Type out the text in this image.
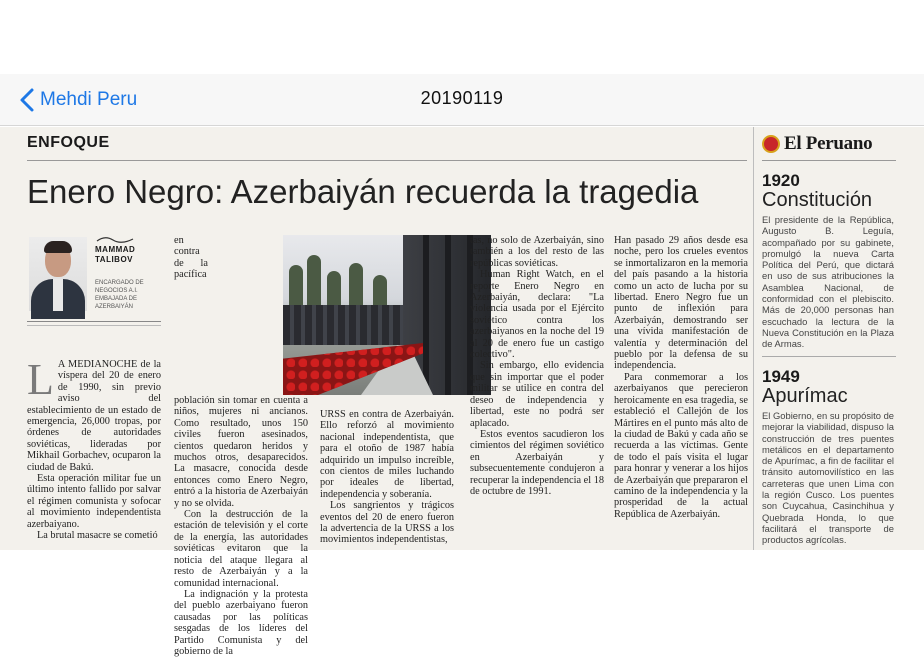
Mehdi Peru	20190119
ENFOQUE
Enero Negro: Azerbaiyán recuerda la tragedia
MAMMAD TALIBOV
ENCARGADO DE NEGOCIOS A.I. EMBAJADA DE AZERBAIYÁN

L A MEDIANOCHE de la víspera del 20 de enero de 1990, sin previo aviso del establecimiento de un estado de emergencia, 26,000 tropas, por órdenes de autoridades soviéticas, lideradas por Mikhail Gorbachev, ocuparon la ciudad de Bakú.

Esta operación militar fue un último intento fallido por salvar el régimen comunista y sofocar al movimiento independentista azerbaiyano.

La brutal masacre se cometió

en contra de la pacífica población sin tomar en cuenta a niños, mujeres ni ancianos. Como resultado, unos 150 civiles fueron asesinados, cientos quedaron heridos y muchos otros, desaparecidos. La masacre, conocida desde entonces como Enero Negro, entró a la historia de Azerbaiyán y no se olvida.

Con la destrucción de la estación de televisión y el corte de la energía, las autoridades soviéticas evitaron que la noticia del ataque llegara al resto de Azerbaiyán y a la comunidad internacional.

La indignación y la protesta del pueblo azerbaiyano fueron causadas por las políticas sesgadas de los líderes del Partido Comunista y del gobierno de la

URSS en contra de Azerbaiyán. Ello reforzó al movimiento nacional independentista, que para el otoño de 1987 había adquirido un impulso increíble, con cientos de miles luchando por ideales de libertad, independencia y soberanía.

Los sangrientos y trágicos eventos del 20 de enero fueron la advertencia de la URSS a los movimientos independentistas,

tas, no solo de Azerbaiyán, sino también a los del resto de las repúblicas soviéticas.

Human Right Watch, en el reporte Enero Negro en Azerbaiyán, declara: "La violencia usada por el Ejército soviético contra los azerbaiyanos en la noche del 19 al 20 de enero fue un castigo colectivo".

Sin embargo, ello evidencia que sin importar que el poder militar se utilice en contra del deseo de independencia y libertad, este no podrá ser aplacado.

Estos eventos sacudieron los cimientos del régimen soviético en Azerbaiyán y subsecuentemente condujeron a recuperar la independencia el 18 de octubre de 1991.

Han pasado 29 años desde esa noche, pero los crueles eventos se inmortalizaron en la memoria del país pasando a la historia como un acto de lucha por su libertad. Enero Negro fue un punto de inflexión para Azerbaiyán, demostrando ser una vívida manifestación de valentía y determinación del pueblo por la defensa de su independencia.

Para conmemorar a los azerbaiyanos que perecieron heroicamente en esa tragedia, se estableció el Callejón de los Mártires en el punto más alto de la ciudad de Bakú y cada año se recuerda a las víctimas. Gente de todo el país visita el lugar para honrar y venerar a los hijos de Azerbaiyán que prepararon el camino de la independencia y la prosperidad de la actual República de Azerbaiyán.

El Peruano
1920
Constitución
El presidente de la República, Augusto B. Leguía, acompañado por su gabinete, promulgó la nueva Carta Política del Perú, que dictará en uso de sus atribuciones la Asamblea Nacional, de conformidad con el plebiscito. Más de 20,000 personas han escuchado la lectura de la Nueva Constitución en la Plaza de Armas.
1949
Apurímac
El Gobierno, en su propósito de mejorar la viabilidad, dispuso la construcción de tres puentes metálicos en el departamento de Apurímac, a fin de facilitar el tránsito automovilístico en las carreteras que unen Lima con la región Cusco. Los puentes son Cuycahua, Casinchihua y Quebrada Honda, lo que facilitará el transporte de productos agrícolas.
